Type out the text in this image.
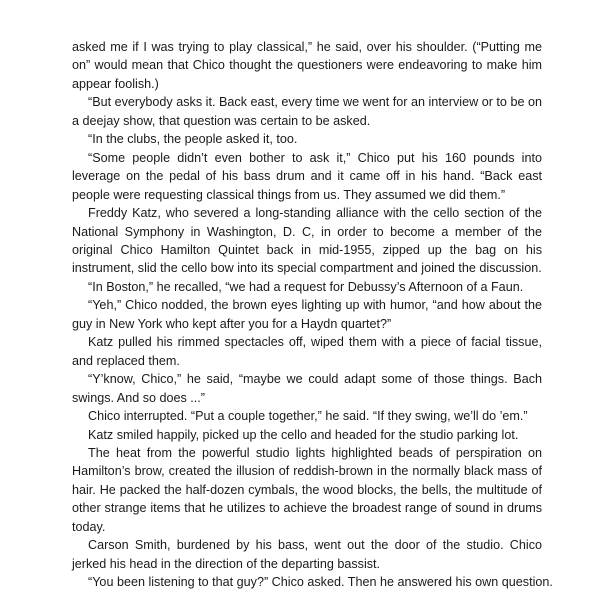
asked me if I was trying to play classical,” he said, over his shoulder. (“Putting me on” would mean that Chico thought the questioners were endeavoring to make him appear foolish.)

“But everybody asks it. Back east, every time we went for an interview or to be on a deejay show, that question was certain to be asked.

“In the clubs, the people asked it, too.

“Some people didn’t even bother to ask it,” Chico put his 160 pounds into leverage on the pedal of his bass drum and it came off in his hand. “Back east people were requesting classical things from us. They assumed we did them.”

Freddy Katz, who severed a long-standing alliance with the cello section of the National Symphony in Washington, D. C, in order to become a member of the original Chico Hamilton Quintet back in mid-1955, zipped up the bag on his instrument, slid the cello bow into its special compartment and joined the discussion.

“In Boston,” he recalled, “we had a request for Debussy’s Afternoon of a Faun.

“Yeh,” Chico nodded, the brown eyes lighting up with humor, “and how about the guy in New York who kept after you for a Haydn quartet?”

Katz pulled his rimmed spectacles off, wiped them with a piece of facial tissue, and replaced them.

“Y’know, Chico,” he said, “maybe we could adapt some of those things. Bach swings. And so does ...”

Chico interrupted. “Put a couple together,” he said. “If they swing, we’ll do ’em.”

Katz smiled happily, picked up the cello and headed for the studio parking lot.

The heat from the powerful studio lights highlighted beads of perspiration on Hamilton’s brow, created the illusion of reddish-brown in the normally black mass of hair. He packed the half-dozen cymbals, the wood blocks, the bells, the multitude of other strange items that he utilizes to achieve the broadest range of sound in drums today.

Carson Smith, burdened by his bass, went out the door of the studio. Chico jerked his head in the direction of the departing bassist.

“You been listening to that guy?” Chico asked. Then he answered his own question.
